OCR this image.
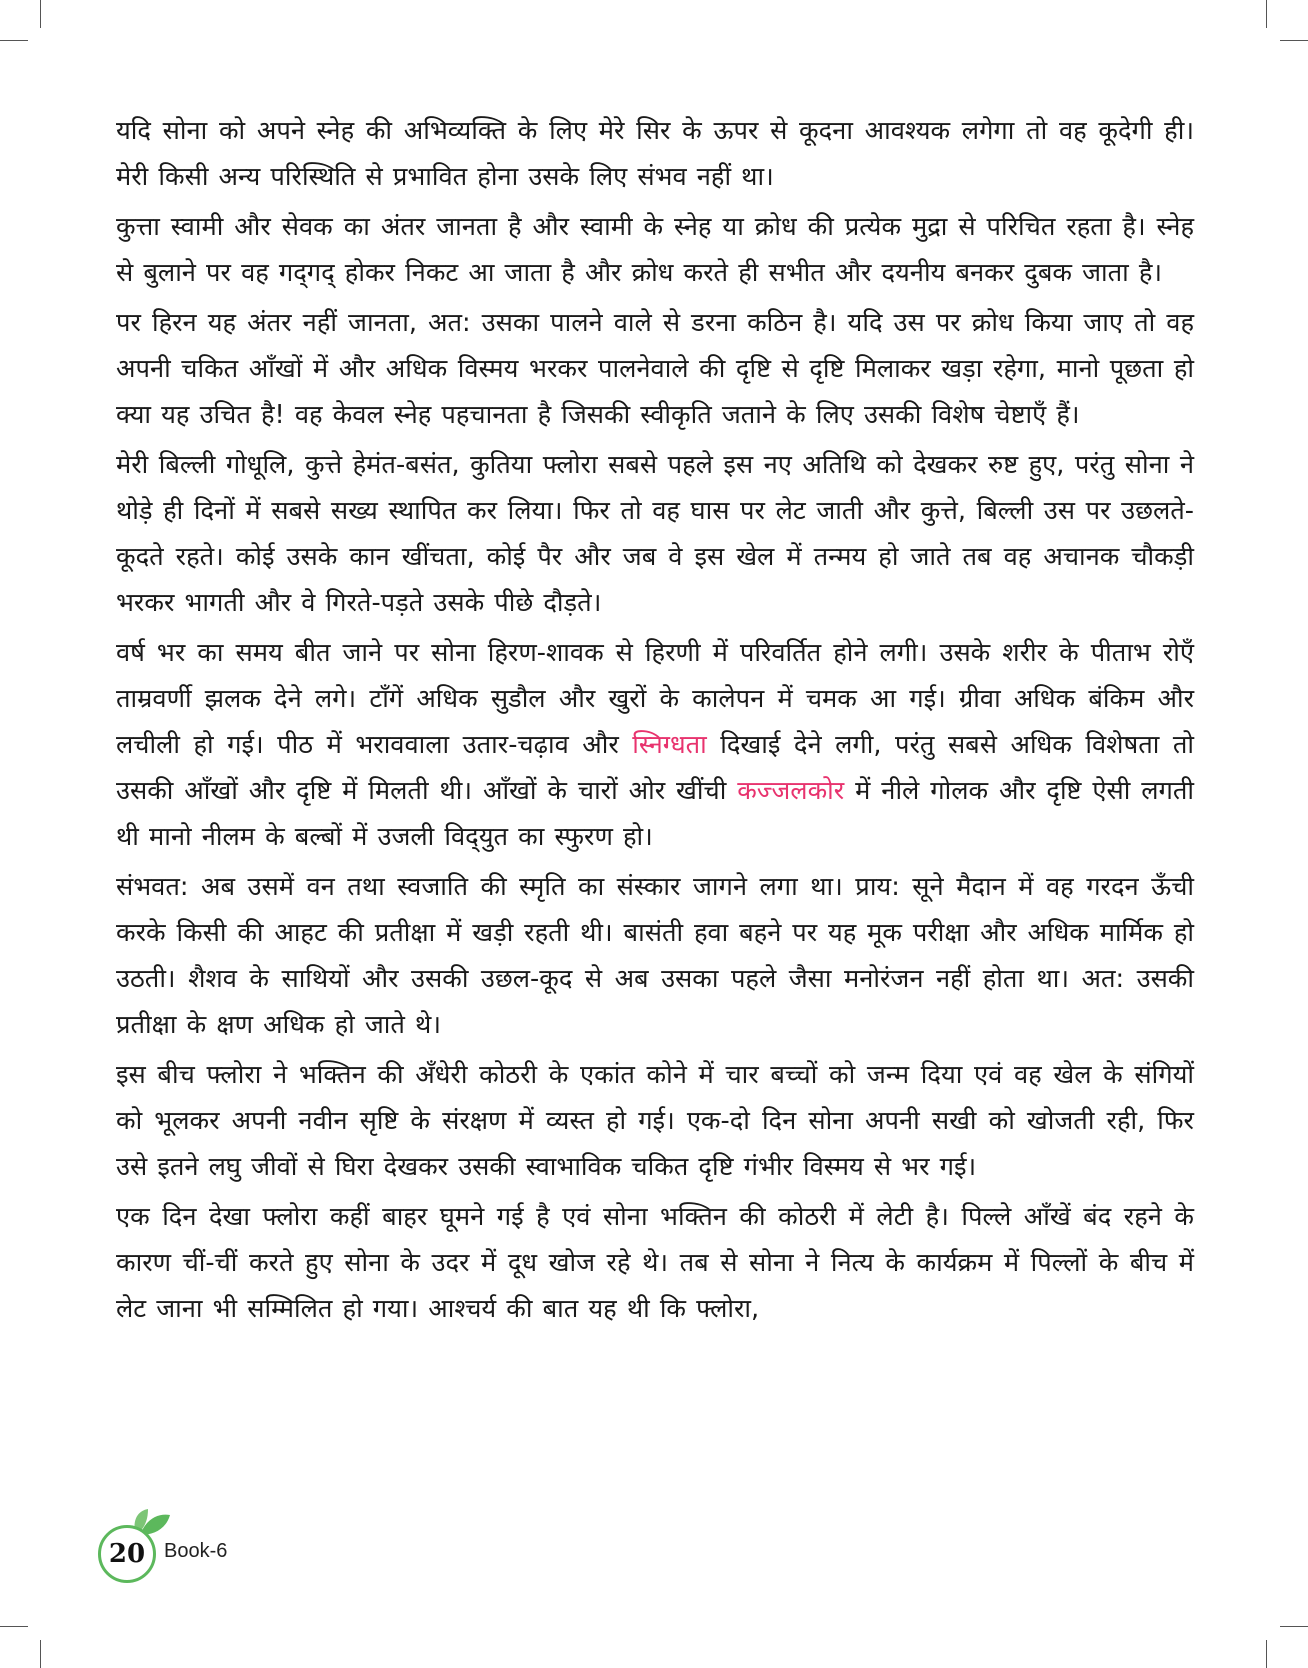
यदि सोना को अपने स्नेह की अभिव्यक्ति के लिए मेरे सिर के ऊपर से कूदना आवश्यक लगेगा तो वह कूदेगी ही। मेरी किसी अन्य परिस्थिति से प्रभावित होना उसके लिए संभव नहीं था।

कुत्ता स्वामी और सेवक का अंतर जानता है और स्वामी के स्नेह या क्रोध की प्रत्येक मुद्रा से परिचित रहता है। स्नेह से बुलाने पर वह गद्‌गद्‌ होकर निकट आ जाता है और क्रोध करते ही सभीत और दयनीय बनकर दुबक जाता है।

पर हिरन यह अंतर नहीं जानता, अत: उसका पालने वाले से डरना कठिन है। यदि उस पर क्रोध किया जाए तो वह अपनी चकित आँखों में और अधिक विस्मय भरकर पालनेवाले की दृष्टि से दृष्टि मिलाकर खड़ा रहेगा, मानो पूछता हो क्या यह उचित है! वह केवल स्नेह पहचानता है जिसकी स्वीकृति जताने के लिए उसकी विशेष चेष्टाएँ हैं।

मेरी बिल्ली गोधूलि, कुत्ते हेमंत-बसंत, कुतिया फ्लोरा सबसे पहले इस नए अतिथि को देखकर रुष्ट हुए, परंतु सोना ने थोड़े ही दिनों में सबसे सख्य स्थापित कर लिया। फिर तो वह घास पर लेट जाती और कुत्ते, बिल्ली उस पर उछलते-कूदते रहते। कोई उसके कान खींचता, कोई पैर और जब वे इस खेल में तन्मय हो जाते तब वह अचानक चौकड़ी भरकर भागती और वे गिरते-पड़ते उसके पीछे दौड़ते।

वर्ष भर का समय बीत जाने पर सोना हिरण-शावक से हिरणी में परिवर्तित होने लगी। उसके शरीर के पीताभ रोएँ ताम्रवर्णी झलक देने लगे। टाँगें अधिक सुडौल और खुरों के कालेपन में चमक आ गई। ग्रीवा अधिक बंकिम और लचीली हो गई। पीठ में भराववाला उतार-चढ़ाव और स्निग्धता दिखाई देने लगी, परंतु सबसे अधिक विशेषता तो उसकी आँखों और दृष्टि में मिलती थी। आँखों के चारों ओर खींची कज्जलकोर में नीले गोलक और दृष्टि ऐसी लगती थी मानो नीलम के बल्बों में उजली विद्‌युत का स्फुरण हो।

संभवत: अब उसमें वन तथा स्वजाति की स्मृति का संस्कार जागने लगा था। प्राय: सूने मैदान में वह गरदन ऊँची करके किसी की आहट की प्रतीक्षा में खड़ी रहती थी। बासंती हवा बहने पर यह मूक परीक्षा और अधिक मार्मिक हो उठती। शैशव के साथियों और उसकी उछल-कूद से अब उसका पहले जैसा मनोरंजन नहीं होता था। अत: उसकी प्रतीक्षा के क्षण अधिक हो जाते थे।

इस बीच फ्लोरा ने भक्तिन की अँधेरी कोठरी के एकांत कोने में चार बच्चों को जन्म दिया एवं वह खेल के संगियों को भूलकर अपनी नवीन सृष्टि के संरक्षण में व्यस्त हो गई। एक-दो दिन सोना अपनी सखी को खोजती रही, फिर उसे इतने लघु जीवों से घिरा देखकर उसकी स्वाभाविक चकित दृष्टि गंभीर विस्मय से भर गई।

एक दिन देखा फ्लोरा कहीं बाहर घूमने गई है एवं सोना भक्तिन की कोठरी में लेटी है। पिल्ले आँखें बंद रहने के कारण चीं-चीं करते हुए सोना के उदर में दूध खोज रहे थे। तब से सोना ने नित्य के कार्यक्रम में पिल्लों के बीच में लेट जाना भी सम्मिलित हो गया। आश्चर्य की बात यह थी कि फ्लोरा,

20 Book-6
